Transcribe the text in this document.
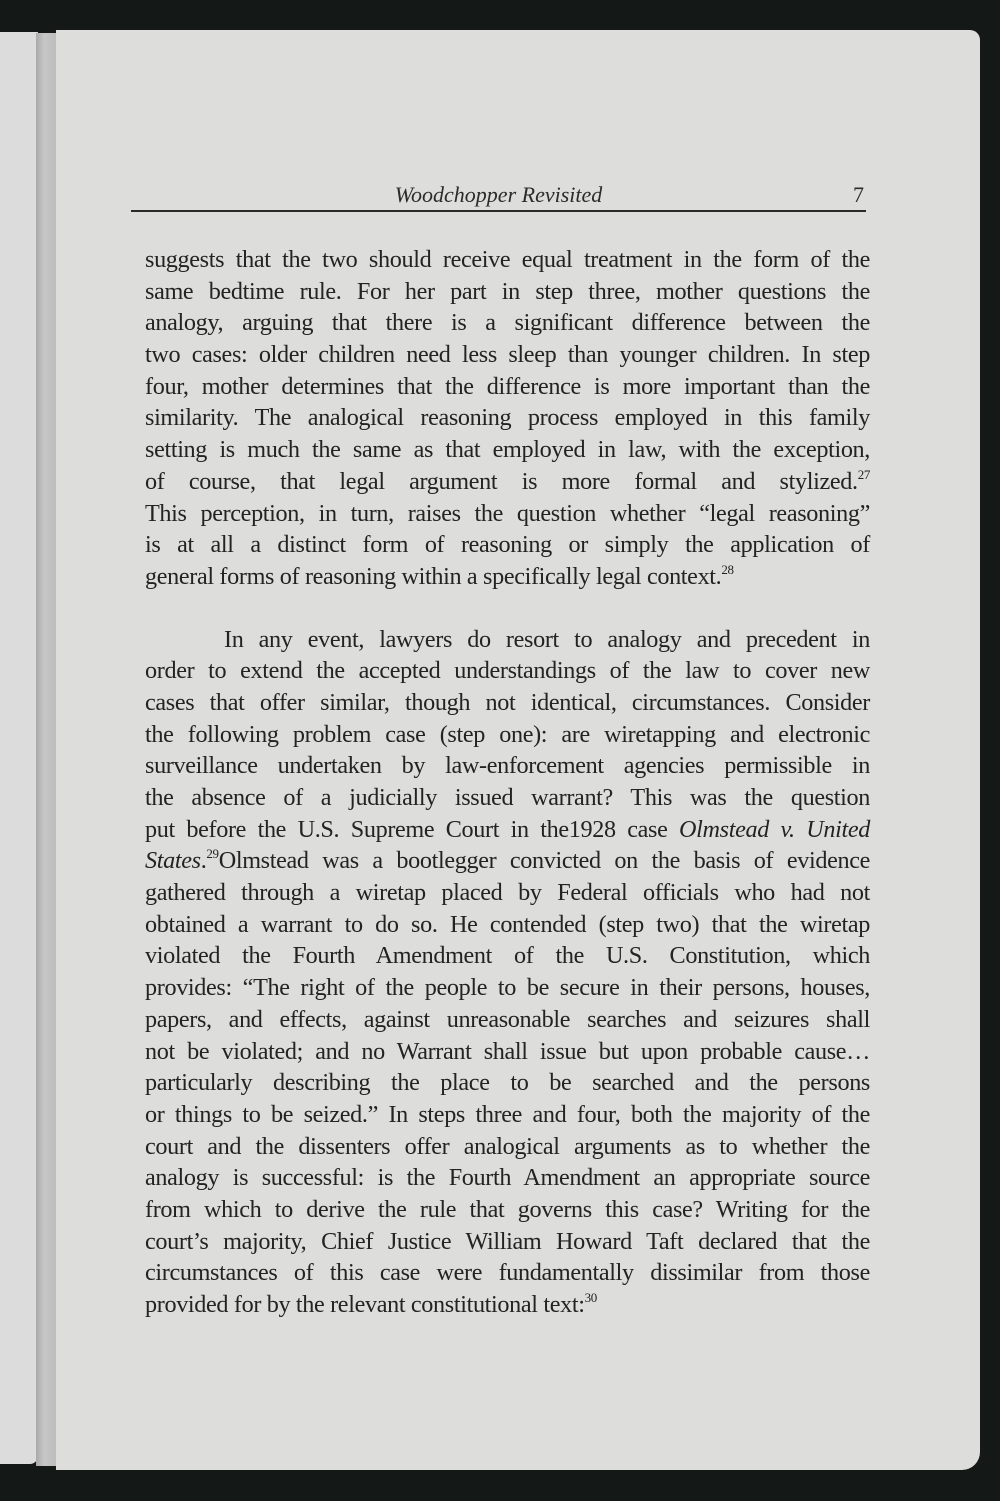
Woodchopper Revisited	7
suggests that the two should receive equal treatment in the form of the
same bedtime rule. For her part in step three, mother questions the
analogy, arguing that there is a significant difference between the
two cases: older children need less sleep than younger children. In step
four, mother determines that the difference is more important than the
similarity. The analogical reasoning process employed in this family
setting is much the same as that employed in law, with the exception,
of course, that legal argument is more formal and stylized.$^{27}$
This perception, in turn, raises the question whether “legal reasoning”
is at all a distinct form of reasoning or simply the application of
general forms of reasoning within a specifically legal context.$^{28}$
In any event, lawyers do resort to analogy and precedent in
order to extend the accepted understandings of the law to cover new
cases that offer similar, though not identical, circumstances. Consider
the following problem case (step one): are wiretapping and electronic
surveillance undertaken by law-enforcement agencies permissible in
the absence of a judicially issued warrant? This was the question
put before the U.S. Supreme Court in the1928 case Olmstead v. United
States.$^{29}$Olmstead was a bootlegger convicted on the basis of evidence
gathered through a wiretap placed by Federal officials who had not
obtained a warrant to do so. He contended (step two) that the wiretap
violated the Fourth Amendment of the U.S. Constitution, which
provides: “The right of the people to be secure in their persons, houses,
papers, and effects, against unreasonable searches and seizures shall
not be violated; and no Warrant shall issue but upon probable cause…
particularly describing the place to be searched and the persons
or things to be seized.” In steps three and four, both the majority of the
court and the dissenters offer analogical arguments as to whether the
analogy is successful: is the Fourth Amendment an appropriate source
from which to derive the rule that governs this case? Writing for the
court’s majority, Chief Justice William Howard Taft declared that the
circumstances of this case were fundamentally dissimilar from those
provided for by the relevant constitutional text:$^{30}$
